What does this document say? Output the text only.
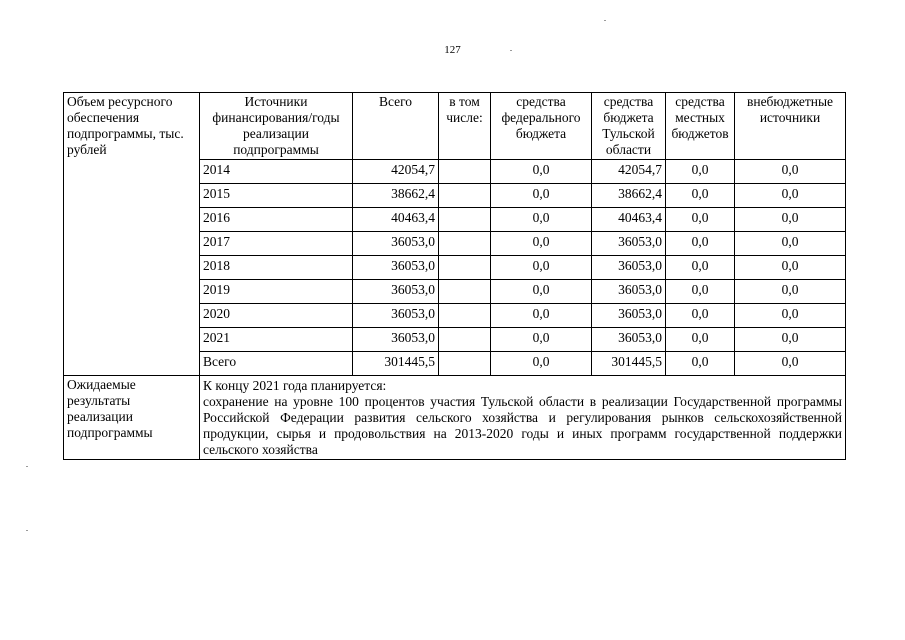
127
Объем ресурсного обеспечения подпрограммы, тыс. рублей	Источники финансирования/годы реализации подпрограммы	Всего	в том числе:	средства федерального бюджета	средства бюджета Тульской области	средства местных бюджетов	внебюджетные источники
	2014	42054,7		0,0	42054,7	0,0	0,0
	2015	38662,4		0,0	38662,4	0,0	0,0
	2016	40463,4		0,0	40463,4	0,0	0,0
	2017	36053,0		0,0	36053,0	0,0	0,0
	2018	36053,0		0,0	36053,0	0,0	0,0
	2019	36053,0		0,0	36053,0	0,0	0,0
	2020	36053,0		0,0	36053,0	0,0	0,0
	2021	36053,0		0,0	36053,0	0,0	0,0
	Всего	301445,5		0,0	301445,5	0,0	0,0
Ожидаемые результаты реализации подпрограммы	К концу 2021 года планируется:
сохранение на уровне 100 процентов участия Тульской области в реализации Государственной программы Российской Федерации развития сельского хозяйства и регулирования рынков сельскохозяйственной продукции, сырья и продовольствия на 2013-2020 годы и иных программ государственной поддержки сельского хозяйства						
